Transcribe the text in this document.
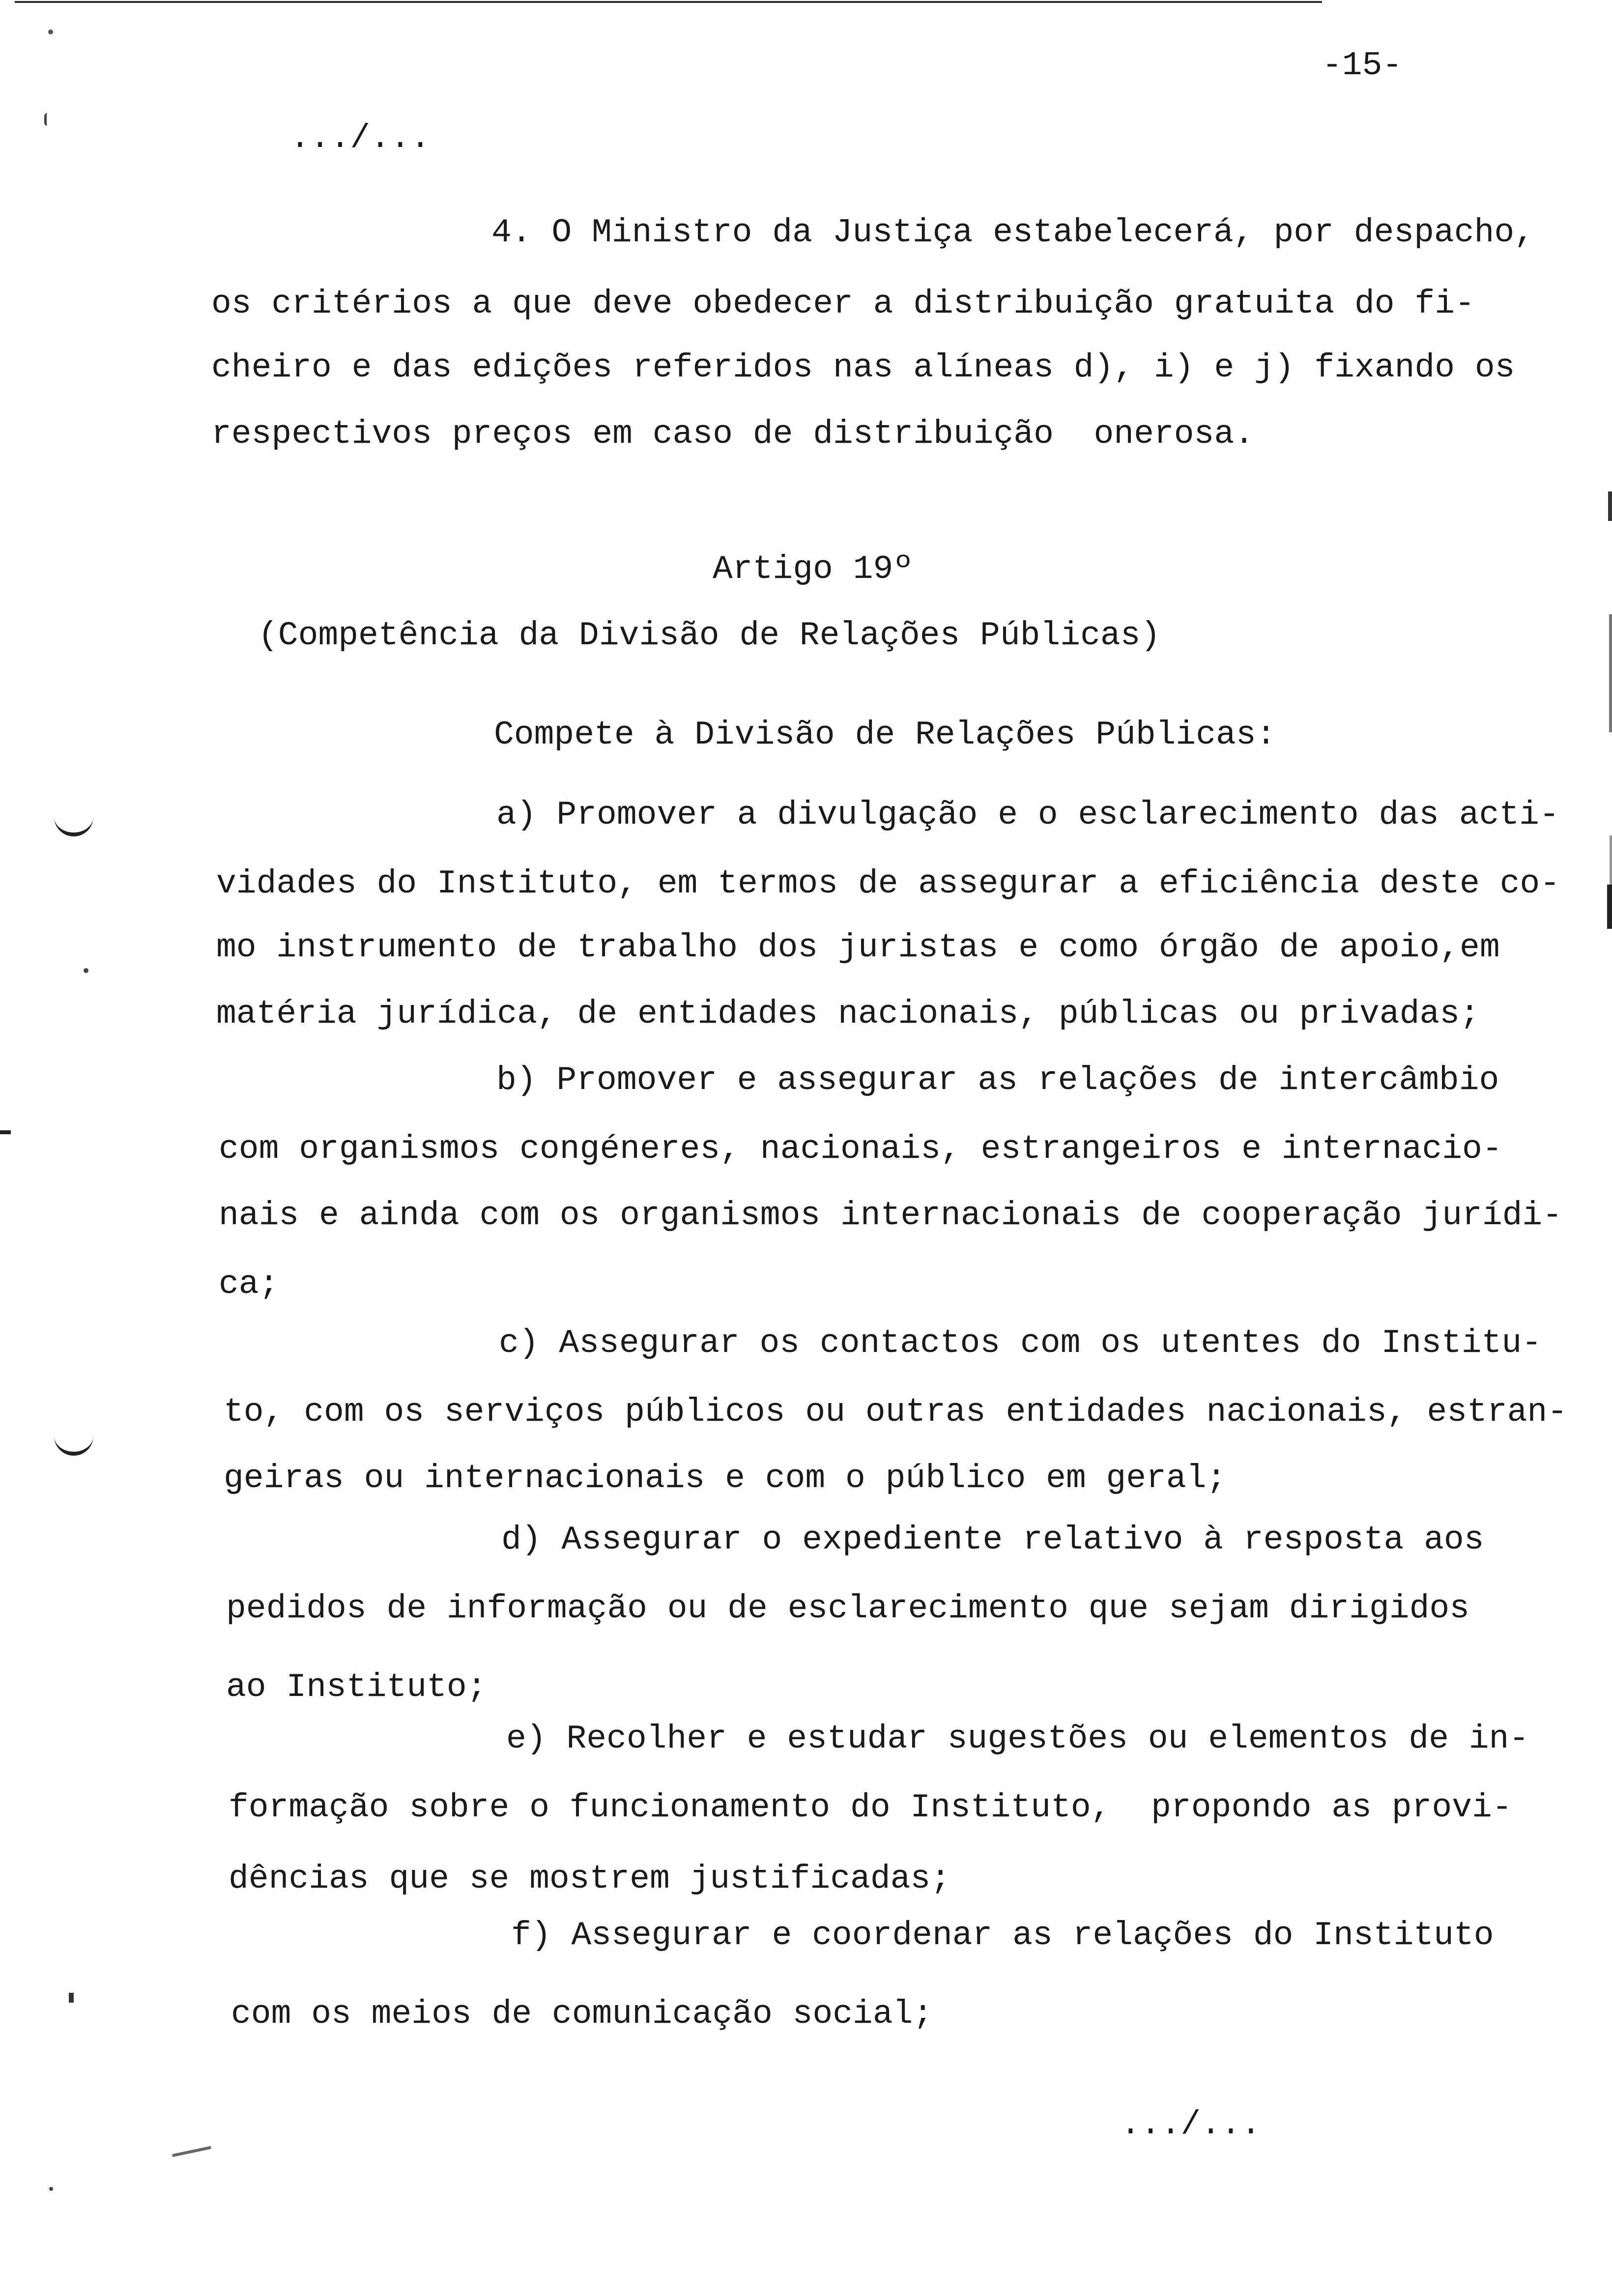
-15-
.../...
4. O Ministro da Justiça estabelecerá, por despacho,
os critérios a que deve obedecer a distribuição gratuita do fi-
cheiro e das edições referidos nas alíneas d), i) e j) fixando os
respectivos preços em caso de distribuição  onerosa.
Artigo 19º
(Competência da Divisão de Relações Públicas)
Compete à Divisão de Relações Públicas:
a) Promover a divulgação e o esclarecimento das acti-
vidades do Instituto, em termos de assegurar a eficiência deste co-
mo instrumento de trabalho dos juristas e como órgão de apoio,em
matéria jurídica, de entidades nacionais, públicas ou privadas;
b) Promover e assegurar as relações de intercâmbio
com organismos congéneres, nacionais, estrangeiros e internacio-
nais e ainda com os organismos internacionais de cooperação jurídi-
ca;
c) Assegurar os contactos com os utentes do Institu-
to, com os serviços públicos ou outras entidades nacionais, estran-
geiras ou internacionais e com o público em geral;
d) Assegurar o expediente relativo à resposta aos
pedidos de informação ou de esclarecimento que sejam dirigidos
ao Instituto;
e) Recolher e estudar sugestões ou elementos de in-
formação sobre o funcionamento do Instituto,  propondo as provi-
dências que se mostrem justificadas;
f) Assegurar e coordenar as relações do Instituto
com os meios de comunicação social;
.../...
